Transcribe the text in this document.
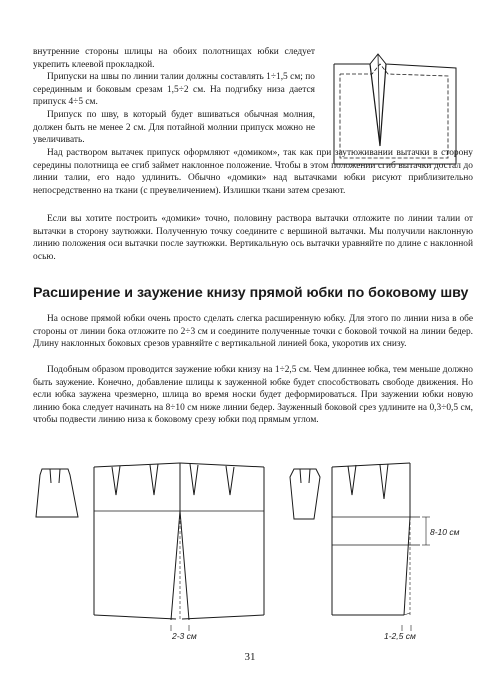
внутренние стороны шлицы на обоих полотнищах юбки следует укрепить клеевой прокладкой.

Припуски на швы по линии талии должны составлять 1÷1,5 см; по серединным и боковым срезам 1,5÷2 см. На подгибку низа дается припуск 4÷5 см.

Припуск по шву, в который будет вшиваться обычная молния, должен быть не менее 2 см. Для потайной молнии припуск можно не увеличивать.

Над раствором вытачек припуск оформляют «домиком», так как при заутюживании вытачки в сторону середины полотнища ее сгиб займет наклонное положение. Чтобы в этом положении сгиб вытачки достал до линии талии, его надо удлинить. Обычно «домики» над вытачками юбки рисуют приблизительно непосредственно на ткани (с преувеличением). Излишки ткани затем срезают.

Если вы хотите построить «домики» точно, половину раствора вытачки отложите по линии талии от вытачки в сторону заутюжки. Полученную точку соедините с вершиной вытачки. Мы получили наклонную линию положения оси вытачки после заутюжки. Вертикальную ось вытачки уравняйте по длине с наклонной осью.

Расширение и заужение книзу прямой юбки по боковому шву

На основе прямой юбки очень просто сделать слегка расширенную юбку. Для этого по линии низа в обе стороны от линии бока отложите по 2÷3 см и соедините полученные точки с боковой точкой на линии бедер. Длину наклонных боковых срезов уравняйте с вертикальной линией бока, укоротив их снизу.

Подобным образом проводится заужение юбки книзу на 1÷2,5 см. Чем длиннее юбка, тем меньше должно быть заужение. Конечно, добавление шлицы к зауженной юбке будет способствовать свободе движения. Но если юбка заужена чрезмерно, шлица во время носки будет деформироваться. При заужении юбки новую линию бока следует начинать на 8÷10 см ниже линии бедер. Зауженный боковой срез удлините на 0,3÷0,5 см, чтобы подвести линию низа к боковому срезу юбки под прямым углом.

2-3 см
8-10 см
1-2,5 см
31
